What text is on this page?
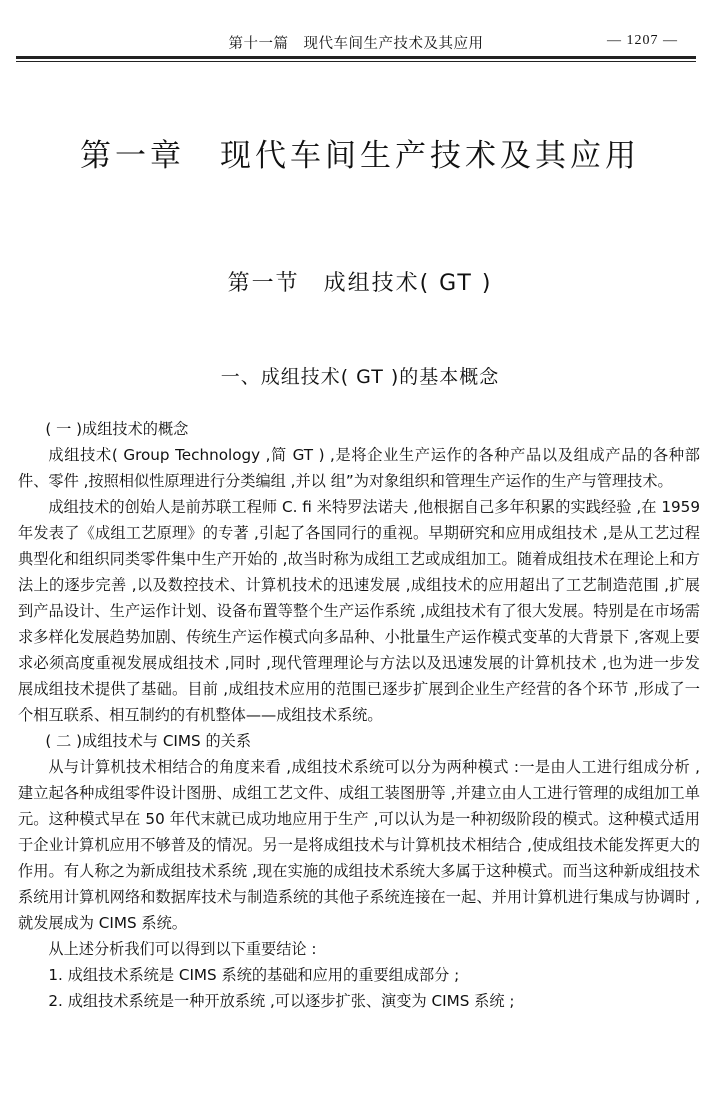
第十一篇　现代车间生产技术及其应用	— 1207 —
第一章　现代车间生产技术及其应用
第一节　成组技术( GT )
一、成组技术( GT )的基本概念

( 一 )成组技术的概念

成组技术( Group Technology ,简 GT ) ,是将企业生产运作的各种产品以及组成产品的各种部件、零件 ,按照相似性原理进行分类编组 ,并以 组”为对象组织和管理生产运作的生产与管理技术。

成组技术的创始人是前苏联工程师 C. fi 米特罗法诺夫 ,他根据自己多年积累的实践经验 ,在 1959 年发表了《成组工艺原理》的专著 ,引起了各国同行的重视。早期研究和应用成组技术 ,是从工艺过程典型化和组织同类零件集中生产开始的 ,故当时称为成组工艺或成组加工。随着成组技术在理论上和方法上的逐步完善 ,以及数控技术、计算机技术的迅速发展 ,成组技术的应用超出了工艺制造范围 ,扩展到产品设计、生产运作计划、设备布置等整个生产运作系统 ,成组技术有了很大发展。特别是在市场需求多样化发展趋势加剧、传统生产运作模式向多品种、小批量生产运作模式变革的大背景下 ,客观上要求必须高度重视发展成组技术 ,同时 ,现代管理理论与方法以及迅速发展的计算机技术 ,也为进一步发展成组技术提供了基础。目前 ,成组技术应用的范围已逐步扩展到企业生产经营的各个环节 ,形成了一个相互联系、相互制约的有机整体——成组技术系统。

( 二 )成组技术与 CIMS 的关系

从与计算机技术相结合的角度来看 ,成组技术系统可以分为两种模式 :一是由人工进行组成分析 ,建立起各种成组零件设计图册、成组工艺文件、成组工装图册等 ,并建立由人工进行管理的成组加工单元。这种模式早在 50 年代末就已成功地应用于生产 ,可以认为是一种初级阶段的模式。这种模式适用于企业计算机应用不够普及的情况。另一是将成组技术与计算机技术相结合 ,使成组技术能发挥更大的作用。有人称之为新成组技术系统 ,现在实施的成组技术系统大多属于这种模式。而当这种新成组技术系统用计算机网络和数据库技术与制造系统的其他子系统连接在一起、并用计算机进行集成与协调时 ,就发展成为 CIMS 系统。

从上述分析我们可以得到以下重要结论 :

1. 成组技术系统是 CIMS 系统的基础和应用的重要组成部分 ;
2. 成组技术系统是一种开放系统 ,可以逐步扩张、演变为 CIMS 系统 ;
